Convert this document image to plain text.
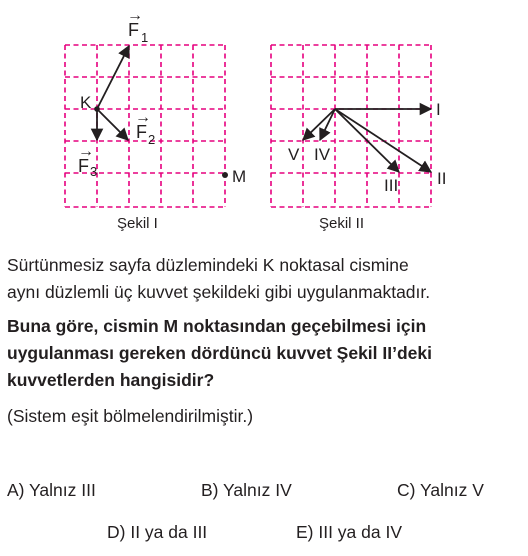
→
F 1
→
F 2
→
F 3
K
M
I
II
III
IV
V
Şekil I	Şekil II

Sürtünmesiz sayfa düzlemindeki K noktasal cismine

aynı düzlemli üç kuvvet şekildeki gibi uygulanmaktadır.

Buna göre, cismin M noktasından geçebilmesi için

uygulanması gereken dördüncü kuvvet Şekil II’deki

kuvvetlerden hangisidir?

(Sistem eşit bölmelendirilmiştir.)

A) Yalnız III	B) Yalnız IV	C) Yalnız V
D) II ya da III	E) III ya da IV
